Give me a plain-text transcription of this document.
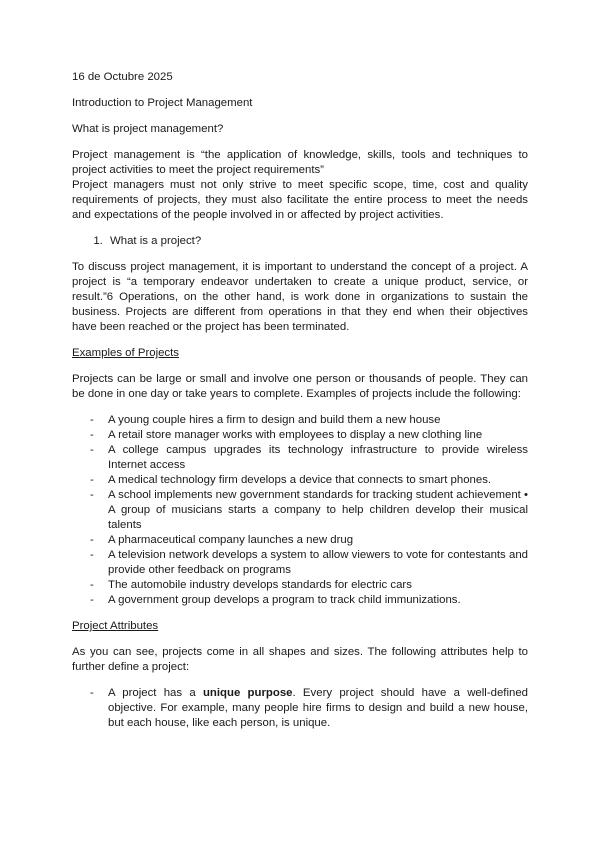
16 de Octubre 2025

Introduction to Project Management

What is project management?

Project management is “the application of knowledge, skills, tools and techniques to project activities to meet the project requirements”

Project managers must not only strive to meet specific scope, time, cost and quality requirements of projects, they must also facilitate the entire process to meet the needs and expectations of the people involved in or affected by project activities.

1. What is a project?

To discuss project management, it is important to understand the concept of a project. A project is “a temporary endeavor undertaken to create a unique product, service, or result.”6 Operations, on the other hand, is work done in organizations to sustain the business. Projects are different from operations in that they end when their objectives have been reached or the project has been terminated.

Examples of Projects

Projects can be large or small and involve one person or thousands of people. They can be done in one day or take years to complete. Examples of projects include the following:

- A young couple hires a firm to design and build them a new house
- A retail store manager works with employees to display a new clothing line
- A college campus upgrades its technology infrastructure to provide wireless Internet access
- A medical technology firm develops a device that connects to smart phones.
- A school implements new government standards for tracking student achievement • A group of musicians starts a company to help children develop their musical talents
- A pharmaceutical company launches a new drug
- A television network develops a system to allow viewers to vote for contestants and provide other feedback on programs
- The automobile industry develops standards for electric cars
- A government group develops a program to track child immunizations.

Project Attributes

As you can see, projects come in all shapes and sizes. The following attributes help to further define a project:

- A project has a unique purpose. Every project should have a well-defined objective. For example, many people hire firms to design and build a new house, but each house, like each person, is unique.
